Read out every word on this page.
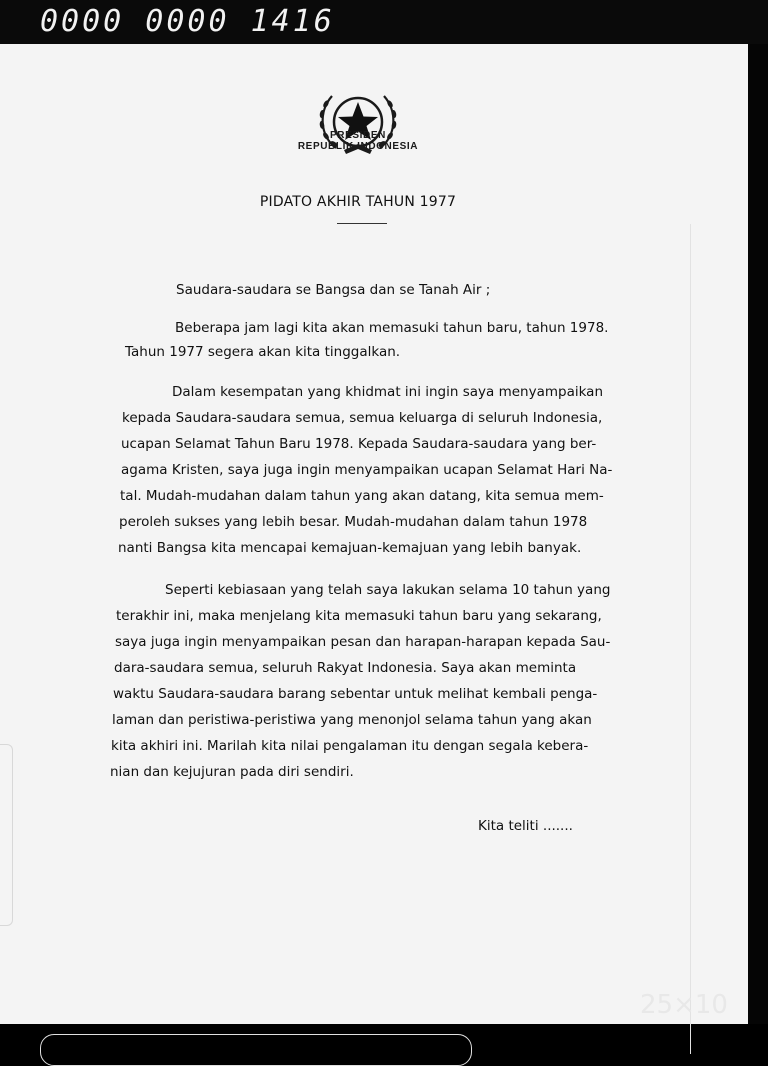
0000 0000 1416
PRESIDEN
REPUBLIK INDONESIA
PIDATO AKHIR TAHUN 1977
Saudara-saudara se Bangsa dan se Tanah Air ;
Beberapa jam lagi kita akan memasuki tahun baru, tahun 1978.
Tahun 1977 segera akan kita tinggalkan.
Dalam kesempatan yang khidmat ini ingin saya menyampaikan
kepada Saudara-saudara semua, semua keluarga di seluruh Indonesia,
ucapan Selamat Tahun Baru 1978. Kepada Saudara-saudara yang ber-
agama Kristen, saya juga ingin menyampaikan ucapan Selamat Hari Na-
tal. Mudah-mudahan dalam tahun yang akan datang, kita semua mem-
peroleh sukses yang lebih besar. Mudah-mudahan dalam tahun 1978
nanti Bangsa kita mencapai kemajuan-kemajuan yang lebih banyak.
Seperti kebiasaan yang telah saya lakukan selama 10 tahun yang
terakhir ini, maka menjelang kita memasuki tahun baru yang sekarang,
saya juga ingin menyampaikan pesan dan harapan-harapan kepada Sau-
dara-saudara semua, seluruh Rakyat Indonesia. Saya akan meminta
waktu Saudara-saudara barang sebentar untuk melihat kembali penga-
laman dan peristiwa-peristiwa yang menonjol selama tahun yang akan
kita akhiri ini. Marilah kita nilai pengalaman itu dengan segala kebera-
nian dan kejujuran pada diri sendiri.
Kita teliti .......
25×10
